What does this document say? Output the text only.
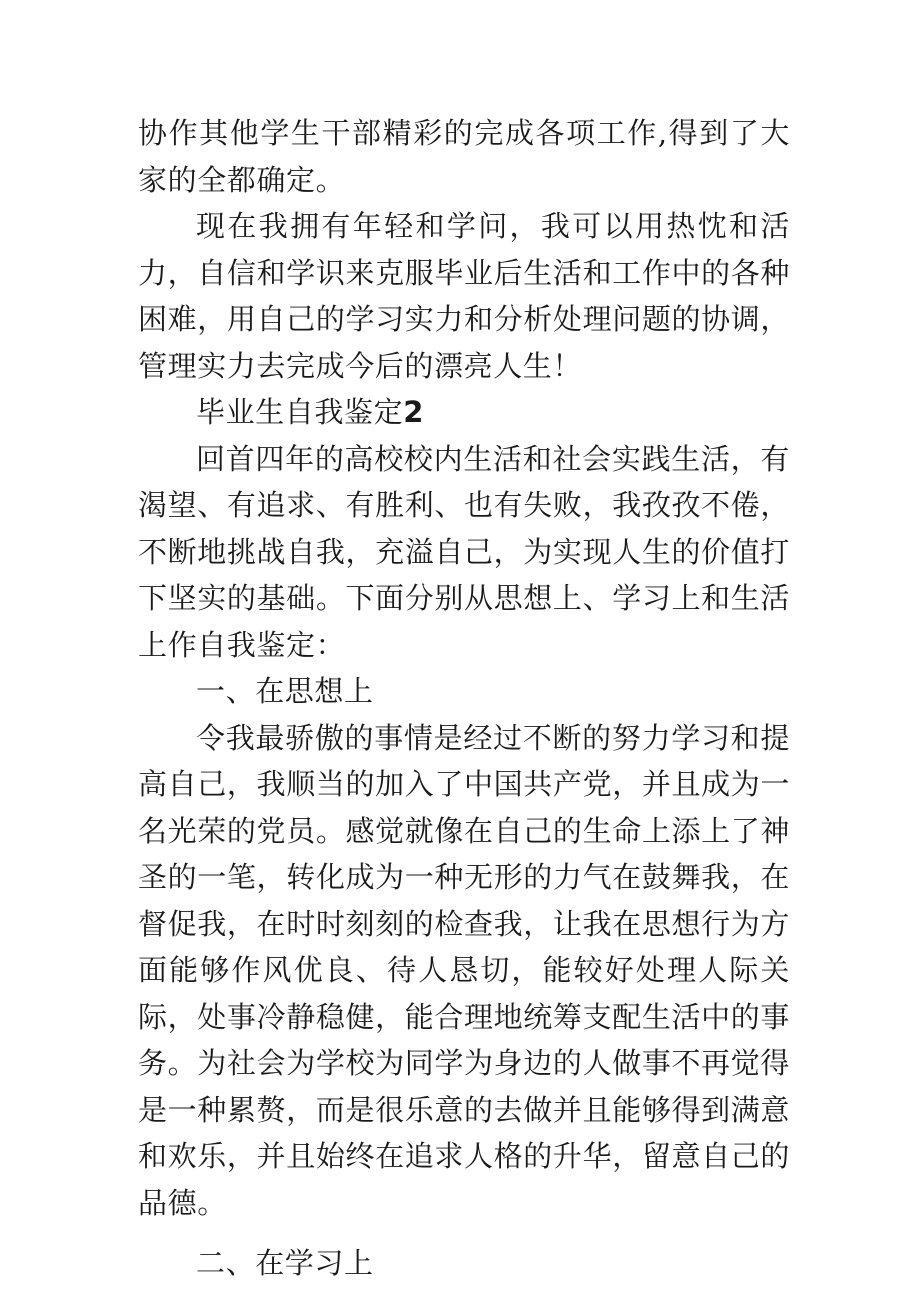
协作其他学生干部精彩的完成各项工作,得到了大家的全都确定。

现在我拥有年轻和学问，我可以用热忱和活力，自信和学识来克服毕业后生活和工作中的各种困难，用自己的学习实力和分析处理问题的协调，管理实力去完成今后的漂亮人生！

毕业生自我鉴定2

回首四年的高校校内生活和社会实践生活，有渴望、有追求、有胜利、也有失败，我孜孜不倦，不断地挑战自我，充溢自己，为实现人生的价值打下坚实的基础。下面分别从思想上、学习上和生活上作自我鉴定：

一、在思想上

令我最骄傲的事情是经过不断的努力学习和提高自己，我顺当的加入了中国共产党，并且成为一名光荣的党员。感觉就像在自己的生命上添上了神圣的一笔，转化成为一种无形的力气在鼓舞我，在督促我，在时时刻刻的检查我，让我在思想行为方面能够作风优良、待人恳切，能较好处理人际关际，处事冷静稳健，能合理地统筹支配生活中的事务。为社会为学校为同学为身边的人做事不再觉得是一种累赘，而是很乐意的去做并且能够得到满意和欢乐，并且始终在追求人格的升华，留意自己的品德。

二、在学习上
